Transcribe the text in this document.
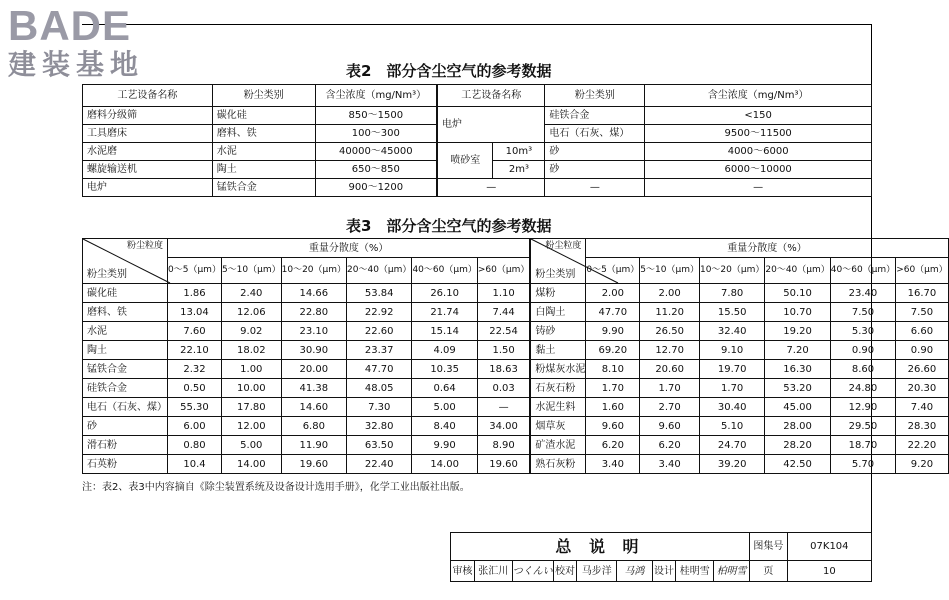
BADE
建装基地	表2　部分含尘空气的参考数据
工艺设备名称	粉尘类别	含尘浓度（mg/Nm³）	工艺设备名称		粉尘类别	含尘浓度（mg/Nm³）
磨料分级筛	碳化硅	850～1500	电炉		硅铁合金	<150
工具磨床	磨料、铁	100～300			电石（石灰、煤）	9500～11500
水泥磨	水泥	40000～45000	喷砂室	10m³	砂	4000～6000
螺旋输送机	陶土	650～850		2m³	砂	6000～10000
电炉	锰铁合金	900～1200	—		—	—
表3　部分含尘空气的参考数据
粉尘粒度
粉尘类别	重量分散度（%）						粉尘粒度
粉尘类别	重量分散度（%）					
	0～5（μm）	5～10（μm）	10～20（μm）	20～40（μm）	40～60（μm）	>60（μm）		0～5（μm）	5～10（μm）	10～20（μm）	20～40（μm）	40～60（μm）	>60（μm）
碳化硅	1.86	2.40	14.66	53.84	26.10	1.10	煤粉	2.00	2.00	7.80	50.10	23.40	16.70
磨料、铁	13.04	12.06	22.80	22.92	21.74	7.44	白陶土	47.70	11.20	15.50	10.70	7.50	7.50
水泥	7.60	9.02	23.10	22.60	15.14	22.54	铸砂	9.90	26.50	32.40	19.20	5.30	6.60
陶土	22.10	18.02	30.90	23.37	4.09	1.50	黏土	69.20	12.70	9.10	7.20	0.90	0.90
锰铁合金	2.32	1.00	20.00	47.70	10.35	18.63	粉煤灰水泥	8.10	20.60	19.70	16.30	8.60	26.60
硅铁合金	0.50	10.00	41.38	48.05	0.64	0.03	石灰石粉	1.70	1.70	1.70	53.20	24.80	20.30
电石（石灰、煤）	55.30	17.80	14.60	7.30	5.00	—	水泥生料	1.60	2.70	30.40	45.00	12.90	7.40
砂	6.00	12.00	6.80	32.80	8.40	34.00	烟草灰	9.60	9.60	5.10	28.00	29.50	28.30
滑石粉	0.80	5.00	11.90	63.50	9.90	8.90	矿渣水泥	6.20	6.20	24.70	28.20	18.70	22.20
石英粉	10.4	14.00	19.60	22.40	14.00	19.60	熟石灰粉	3.40	3.40	39.20	42.50	5.70	9.20
注：表2、表3中内容摘自《除尘装置系统及设备设计选用手册》，化学工业出版社出版。
总 说 明									图集号	07K104
审核	张汇川	つくんい	校对	马步洋	马鸿	设计	桂明雪	柏明雪	页	10
